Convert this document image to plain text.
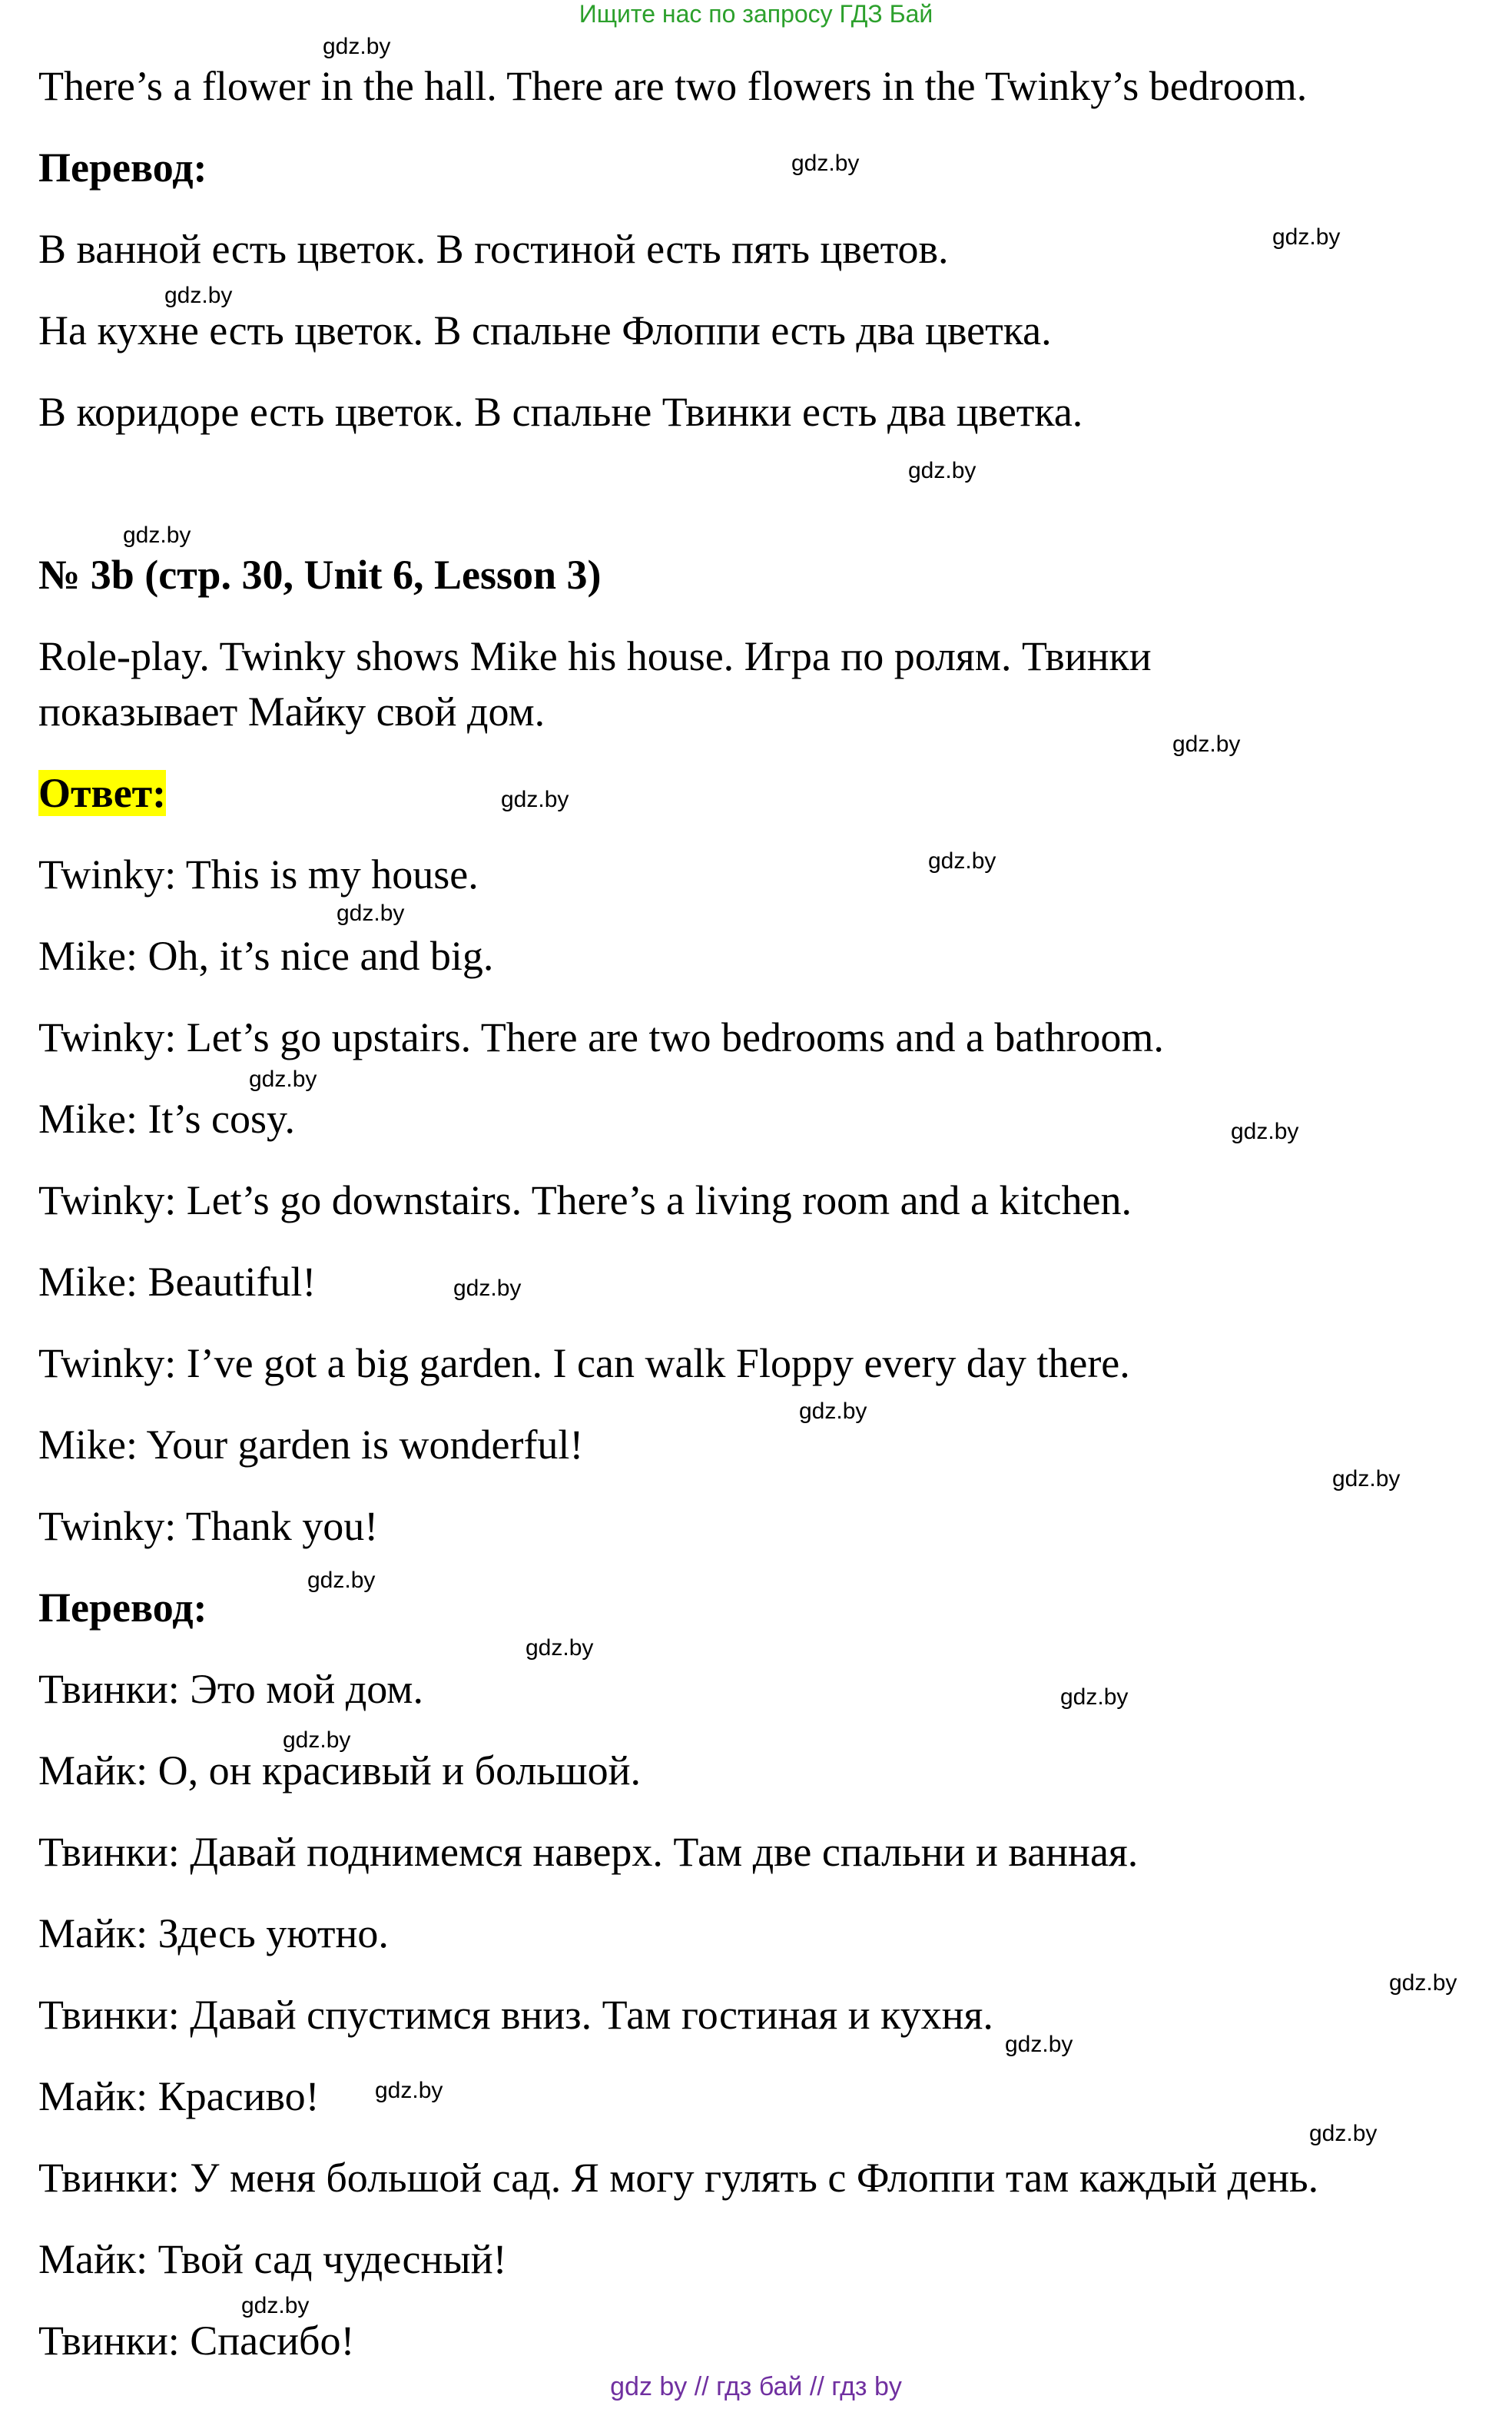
Ищите нас по запросу ГДЗ Бай
There’s a flower in the hall. There are two flowers in the Twinky’s bedroom.
Перевод:
В ванной есть цветок. В гостиной есть пять цветов.
На кухне есть цветок. В спальне Флоппи есть два цветка.
В коридоре есть цветок. В спальне Твинки есть два цветка.
№ 3b (стр. 30, Unit 6, Lesson 3)
Role-play. Twinky shows Mike his house. Игра по ролям. Твинки
показывает Майку свой дом.
Ответ:
Twinky: This is my house.
Mike: Oh, it’s nice and big.
Twinky: Let’s go upstairs. There are two bedrooms and a bathroom.
Mike: It’s cosy.
Twinky: Let’s go downstairs. There’s a living room and a kitchen.
Mike: Beautiful!
Twinky: I’ve got a big garden. I can walk Floppy every day there.
Mike: Your garden is wonderful!
Twinky: Thank you!
Перевод:
Твинки: Это мой дом.
Майк: О, он красивый и большой.
Твинки: Давай поднимемся наверх. Там две спальни и ванная.
Майк: Здесь уютно.
Твинки: Давай спустимся вниз. Там гостиная и кухня.
Майк: Красиво!
Твинки: У меня большой сад. Я могу гулять с Флоппи там каждый день.
Майк: Твой сад чудесный!
Твинки: Спасибо!
gdz.by
gdz.by
gdz.by
gdz.by
gdz.by
gdz.by
gdz.by
gdz.by
gdz.by
gdz.by
gdz.by
gdz.by
gdz.by
gdz.by
gdz.by
gdz.by
gdz.by
gdz.by
gdz.by
gdz.by
gdz.by
gdz.by
gdz.by
gdz.by
gdz by // гдз бай // гдз by
